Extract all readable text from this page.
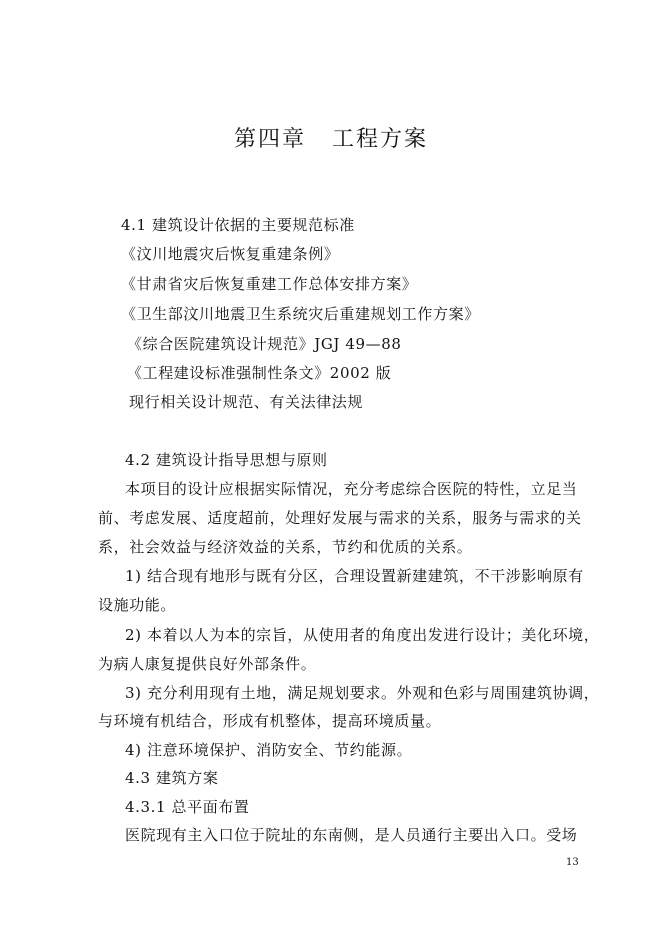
第四章 工程方案
4.1 建筑设计依据的主要规范标准
《汶川地震灾后恢复重建条例》
《甘肃省灾后恢复重建工作总体安排方案》
《卫生部汶川地震卫生系统灾后重建规划工作方案》
《综合医院建筑设计规范》JGJ 49—88
《工程建设标准强制性条文》2002 版
现行相关设计规范、有关法律法规
4.2 建筑设计指导思想与原则
本项目的设计应根据实际情况，充分考虑综合医院的特性，立足当
前、考虑发展、适度超前，处理好发展与需求的关系，服务与需求的关
系，社会效益与经济效益的关系，节约和优质的关系。
1) 结合现有地形与既有分区，合理设置新建建筑，不干涉影响原有
设施功能。
2) 本着以人为本的宗旨，从使用者的角度出发进行设计；美化环境，
为病人康复提供良好外部条件。
3) 充分利用现有土地，满足规划要求。外观和色彩与周围建筑协调，
与环境有机结合，形成有机整体，提高环境质量。
4) 注意环境保护、消防安全、节约能源。
4.3 建筑方案
4.3.1 总平面布置
医院现有主入口位于院址的东南侧，是人员通行主要出入口。受场
13
